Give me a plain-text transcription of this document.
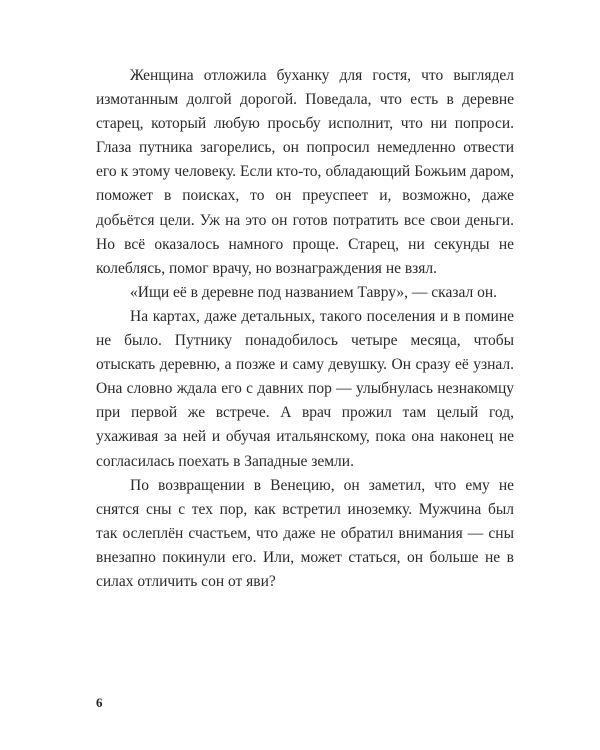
Женщина отложила буханку для гостя, что выглядел измотанным долгой дорогой. Поведала, что есть в деревне старец, который любую просьбу исполнит, что ни попроси. Глаза путника загорелись, он попросил немедленно отвести его к этому человеку. Если кто-то, обладающий Божьим даром, поможет в поисках, то он преуспеет и, возможно, даже добьётся цели. Уж на это он готов потратить все свои деньги. Но всё оказалось намного проще. Старец, ни секунды не колеблясь, помог врачу, но вознаграждения не взял.

«Ищи её в деревне под названием Тавру», — сказал он.

На картах, даже детальных, такого поселения и в помине не было. Путнику понадобилось четыре месяца, чтобы отыскать деревню, а позже и саму девушку. Он сразу её узнал. Она словно ждала его с давних пор — улыбнулась незнакомцу при первой же встрече. А врач прожил там целый год, ухаживая за ней и обучая итальянскому, пока она наконец не согласилась поехать в Западные земли.

По возвращении в Венецию, он заметил, что ему не снятся сны с тех пор, как встретил иноземку. Мужчина был так ослеплён счастьем, что даже не обратил внимания — сны внезапно покинули его. Или, может статься, он больше не в силах отличить сон от яви?

6
